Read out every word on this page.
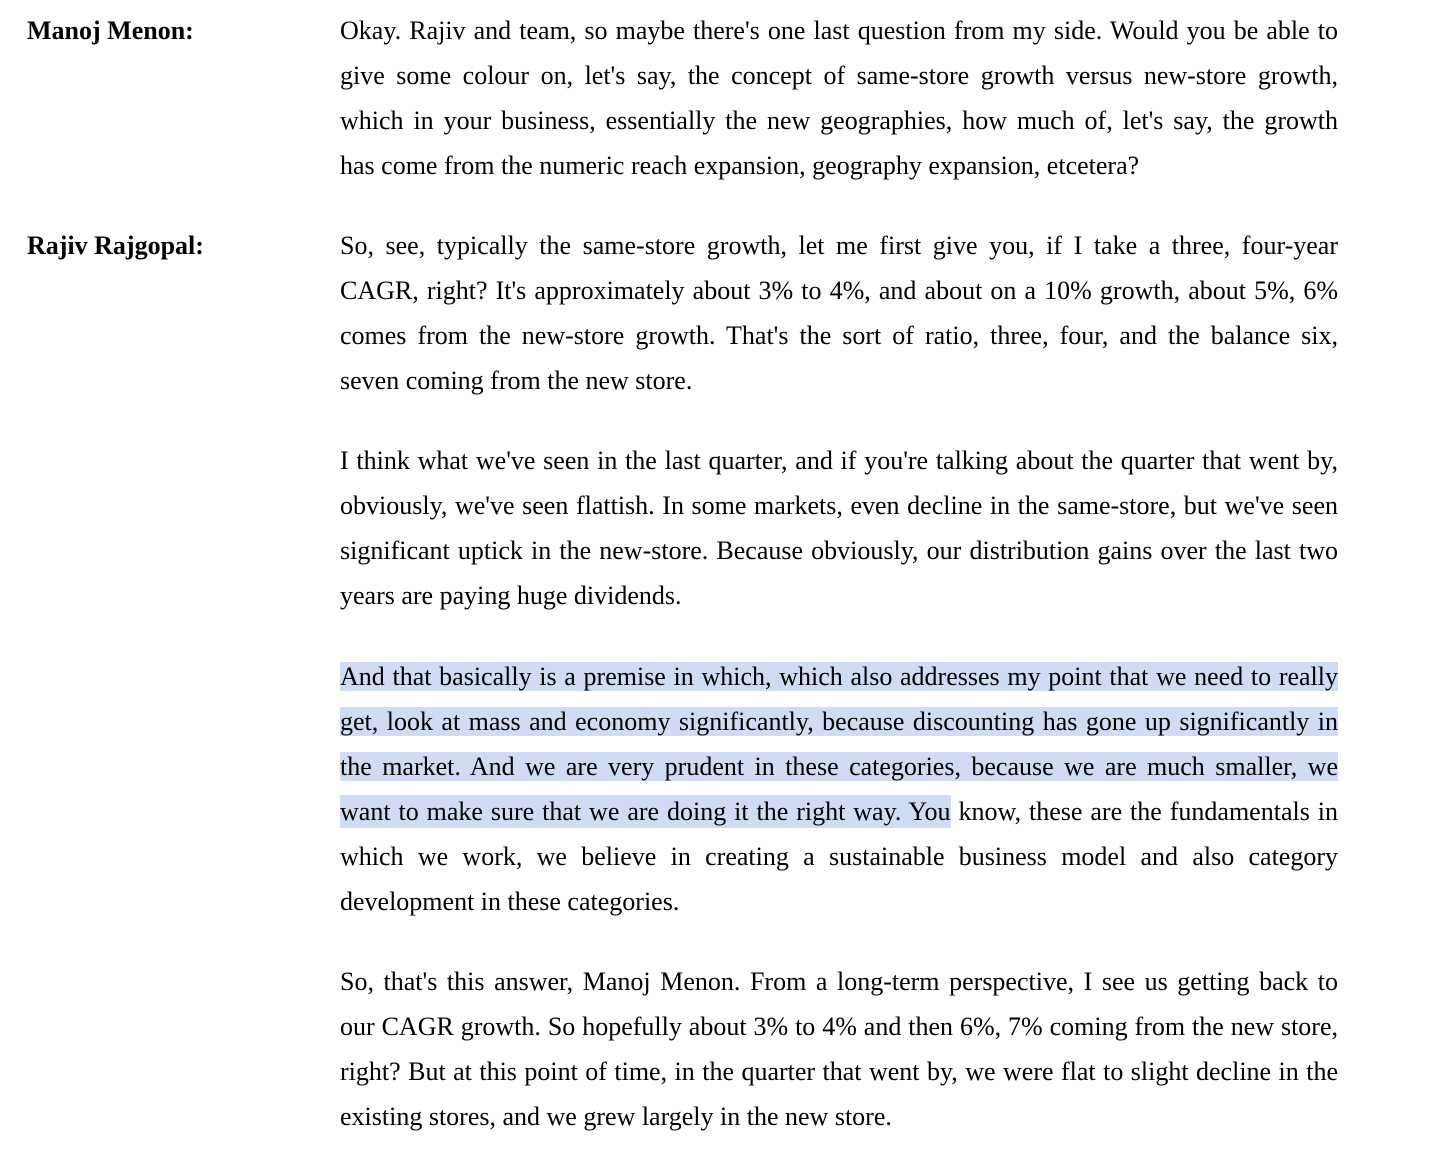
Manoj Menon:	Okay. Rajiv and team, so maybe there's one last question from my side. Would you be able to
give some colour on, let's say, the concept of same-store growth versus new-store growth,
which in your business, essentially the new geographies, how much of, let's say, the growth
has come from the numeric reach expansion, geography expansion, etcetera?
Rajiv Rajgopal:	So, see, typically the same-store growth, let me first give you, if I take a three, four-year
CAGR, right? It's approximately about 3% to 4%, and about on a 10% growth, about 5%, 6%
comes from the new-store growth. That's the sort of ratio, three, four, and the balance six,
seven coming from the new store.
I think what we've seen in the last quarter, and if you're talking about the quarter that went by,
obviously, we've seen flattish. In some markets, even decline in the same-store, but we've seen
significant uptick in the new-store. Because obviously, our distribution gains over the last two
years are paying huge dividends.
And that basically is a premise in which, which also addresses my point that we need to really
get, look at mass and economy significantly, because discounting has gone up significantly in
the market. And we are very prudent in these categories, because we are much smaller, we
want to make sure that we are doing it the right way. You know, these are the fundamentals in
which we work, we believe in creating a sustainable business model and also category
development in these categories.
So, that's this answer, Manoj Menon. From a long-term perspective, I see us getting back to
our CAGR growth. So hopefully about 3% to 4% and then 6%, 7% coming from the new store,
right? But at this point of time, in the quarter that went by, we were flat to slight decline in the
existing stores, and we grew largely in the new store.
